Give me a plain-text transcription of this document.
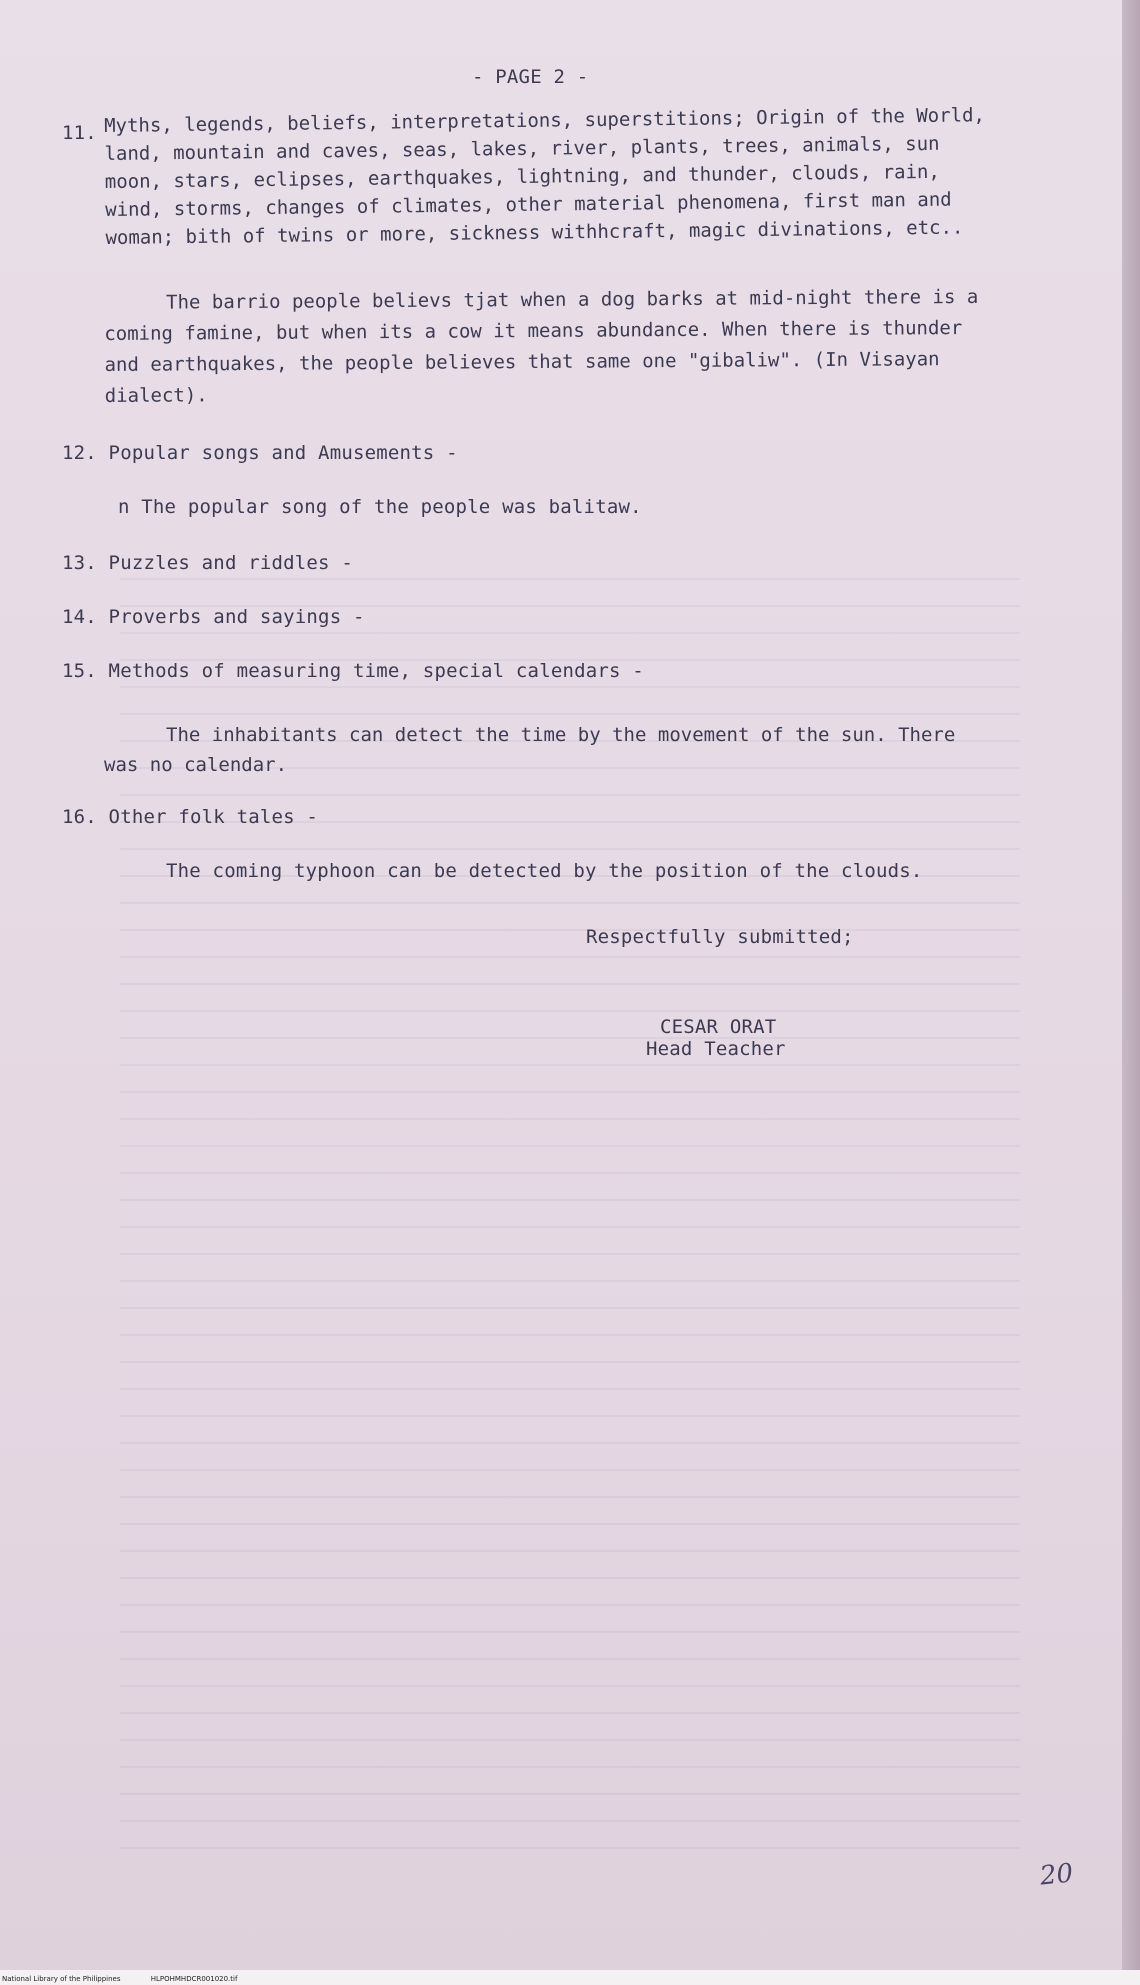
- PAGE 2 -
11. Myths, legends, beliefs, interpretations, superstitions; Origin of the World,
land, mountain and caves, seas, lakes, river, plants, trees, animals, sun
moon, stars, eclipses, earthquakes, lightning, and thunder, clouds, rain,
wind, storms, changes of climates, other material phenomena, first man and
woman; bith of twins or more, sickness withhcraft, magic divinations, etc..
The barrio people believs tjat when a dog barks at mid-night there is a
coming famine, but when its a cow it means abundance. When there is thunder
and earthquakes, the people believes that same one "gibaliw". (In Visayan
dialect).
12. Popular songs and Amusements -
n The popular song of the people was balitaw.
13. Puzzles and riddles -
14. Proverbs and sayings -
15. Methods of measuring time, special calendars -
The inhabitants can detect the time by the movement of the sun. There
was no calendar.
16. Other folk tales -
The coming typhoon can be detected by the position of the clouds.
Respectfully submitted;
CESAR ORAT
Head Teacher
20
National Library of the Philippines	HLPOHMHDCR001020.tif
